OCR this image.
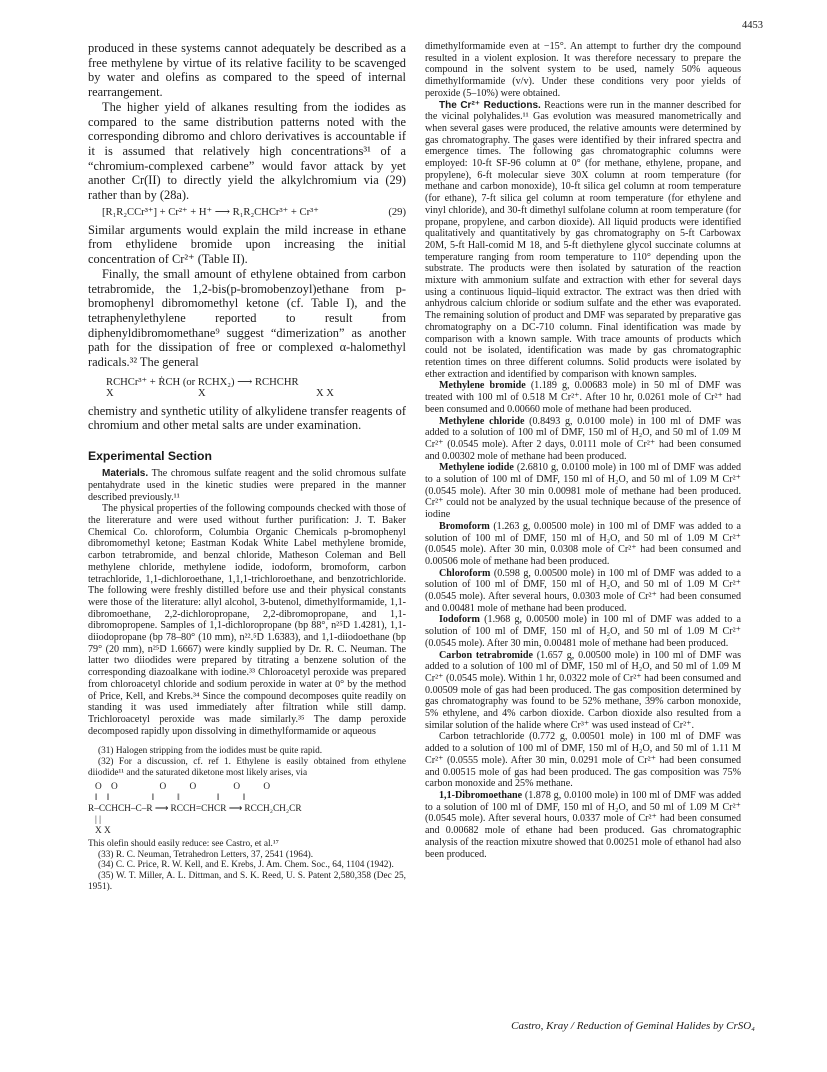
4453

produced in these systems cannot adequately be described as a free methylene by virtue of its relative facility to be scavenged by water and olefins as compared to the speed of internal rearrangement.

The higher yield of alkanes resulting from the iodides as compared to the same distribution patterns noted with the corresponding dibromo and chloro derivatives is accountable if it is assumed that relatively high concentrations³¹ of a “chromium-complexed carbene” would favor attack by yet another Cr(II) to directly yield the alkylchromium via (29) rather than by (28a).

[R₁R₂CCr³⁺] + Cr²⁺ + H⁺ ⟶ R₁R₂CHCr³⁺ + Cr³⁺	(29)

Similar arguments would explain the mild increase in ethane from ethylidene bromide upon increasing the initial concentration of Cr²⁺ (Table II).

Finally, the small amount of ethylene obtained from carbon tetrabromide, the 1,2-bis(p-bromobenzoyl)ethane from p-bromophenyl dibromomethyl ketone (cf. Table I), and the tetraphenylethylene reported to result from diphenyldibromomethane⁹ suggest “dimerization” as another path for the dissipation of free or complexed α-halomethyl radicals.³² The general

RCHCr³⁺ + ṘCH (or RCHX₂) ⟶ RCHCHR
X	X	X X

chemistry and synthetic utility of alkylidene transfer reagents of chromium and other metal salts are under examination.

Experimental Section

Materials. The chromous sulfate reagent and the solid chromous sulfate pentahydrate used in the kinetic studies were prepared in the manner described previously.¹¹

The physical properties of the following compounds checked with those of the litererature and were used without further purification: J. T. Baker Chemical Co. chloroform, Columbia Organic Chemicals p-bromophenyl dibromomethyl ketone; Eastman Kodak White Label methylene bromide, carbon tetrabromide, and benzal chloride, Matheson Coleman and Bell methylene chloride, methylene iodide, iodoform, bromoform, carbon tetrachloride, 1,1-dichloroethane, 1,1,1-trichloroethane, and benzotrichloride. The following were freshly distilled before use and their physical constants were those of the literature: allyl alcohol, 3-butenol, dimethylformamide, 1,1-dibromoethane, 2,2-dichloropropane, 2,2-dibromopropane, and 1,1-dibromopropene. Samples of 1,1-dichloropropane (bp 88°, n²⁵D 1.4281), 1,1-diiodopropane (bp 78–80° (10 mm), n²².⁵D 1.6383), and 1,1-diiodoethane (bp 79° (20 mm), n²⁵D 1.6667) were kindly supplied by Dr. R. C. Neuman. The latter two diiodides were prepared by titrating a benzene solution of the corresponding diazoalkane with iodine.³³ Chloroacetyl peroxide was prepared from chloroacetyl chloride and sodium peroxide in water at 0° by the method of Price, Kell, and Krebs.³⁴ Since the compound decomposes quite readily on standing it was used immediately after filtration while still damp. Trichloroacetyl peroxide was made similarly.³⁵ The damp peroxide decomposed rapidly upon dissolving in dimethylformamide or aqueous

(31) Halogen stripping from the iodides must be quite rapid.

(32) For a discussion, cf. ref 1. Ethylene is easily obtained from ethylene diiodide¹¹ and the saturated diketone most likely arises, via

O    O                  O          O                O          O
‖    ‖                  ‖          ‖                ‖          ‖
R–CCHCH–C–R ⟶ RCCH=CHCR ⟶ RCCH₂CH₂CR
| |
X X

This olefin should easily reduce: see Castro, et al.¹⁷

(33) R. C. Neuman, Tetrahedron Letters, 37, 2541 (1964).

(34) C. C. Price, R. W. Kell, and E. Krebs, J. Am. Chem. Soc., 64, 1104 (1942).

(35) W. T. Miller, A. L. Dittman, and S. K. Reed, U. S. Patent 2,580,358 (Dec 25, 1951).

dimethylformamide even at −15°. An attempt to further dry the compound resulted in a violent explosion. It was therefore necessary to prepare the compound in the solvent system to be used, namely 50% aqueous dimethylformamide (v/v). Under these conditions very poor yields of peroxide (5–10%) were obtained.

The Cr²⁺ Reductions. Reactions were run in the manner described for the vicinal polyhalides.¹¹ Gas evolution was measured manometrically and when several gases were produced, the relative amounts were determined by gas chromatography. The gases were identified by their infrared spectra and emergence times. The following gas chromatographic columns were employed: 10-ft SF-96 column at 0° (for methane, ethylene, propane, and propylene), 6-ft molecular sieve 30X column at room temperature (for methane and carbon monoxide), 10-ft silica gel column at room temperature (for ethane), 7-ft silica gel column at room temperature (for ethylene and vinyl chloride), and 30-ft dimethyl sulfolane column at room temperature (for propane, propylene, and carbon dioxide). All liquid products were identified qualitatively and quantitatively by gas chromatography on 5-ft Carbowax 20M, 5-ft Hall-comid M 18, and 5-ft diethylene glycol succinate columns at temperature ranging from room temperature to 110° depending upon the substrate. The products were then isolated by saturation of the reaction mixture with ammonium sulfate and extraction with ether for several days using a continuous liquid–liquid extractor. The extract was then dried with anhydrous calcium chloride or sodium sulfate and the ether was evaporated. The remaining solution of product and DMF was separated by preparative gas chromatography on a DC-710 column. Final identification was made by comparison with a known sample. With trace amounts of products which could not be isolated, identification was made by gas chromatographic retention times on three different columns. Solid products were isolated by ether extraction and identified by comparison with known samples.

Methylene bromide (1.189 g, 0.00683 mole) in 50 ml of DMF was treated with 100 ml of 0.518 M Cr²⁺. After 10 hr, 0.0261 mole of Cr²⁺ had been consumed and 0.00660 mole of methane had been produced.

Methylene chloride (0.8493 g, 0.0100 mole) in 100 ml of DMF was added to a solution of 100 ml of DMF, 150 ml of H₂O, and 50 ml of 1.09 M Cr²⁺ (0.0545 mole). After 2 days, 0.0111 mole of Cr²⁺ had been consumed and 0.00302 mole of methane had been produced.

Methylene iodide (2.6810 g, 0.0100 mole) in 100 ml of DMF was added to a solution of 100 ml of DMF, 150 ml of H₂O, and 50 ml of 1.09 M Cr²⁺ (0.0545 mole). After 30 min 0.00981 mole of methane had been produced. Cr²⁺ could not be analyzed by the usual technique because of the presence of iodine

Bromoform (1.263 g, 0.00500 mole) in 100 ml of DMF was added to a solution of 100 ml of DMF, 150 ml of H₂O, and 50 ml of 1.09 M Cr²⁺ (0.0545 mole). After 30 min, 0.0308 mole of Cr²⁺ had been consumed and 0.00506 mole of methane had been produced.

Chloroform (0.598 g, 0.00500 mole) in 100 ml of DMF was added to a solution of 100 ml of DMF, 150 ml of H₂O, and 50 ml of 1.09 M Cr²⁺ (0.0545 mole). After several hours, 0.0303 mole of Cr²⁺ had been consumed and 0.00481 mole of methane had been produced.

Iodoform (1.968 g, 0.00500 mole) in 100 ml of DMF was added to a solution of 100 ml of DMF, 150 ml of H₂O, and 50 ml of 1.09 M Cr²⁺ (0.0545 mole). After 30 min, 0.00481 mole of methane had been produced.

Carbon tetrabromide (1.657 g, 0.00500 mole) in 100 ml of DMF was added to a solution of 100 ml of DMF, 150 ml of H₂O, and 50 ml of 1.09 M Cr²⁺ (0.0545 mole). Within 1 hr, 0.0322 mole of Cr²⁺ had been consumed and 0.00509 mole of gas had been produced. The gas composition determined by gas chromatography was found to be 52% methane, 39% carbon monoxide, 5% ethylene, and 4% carbon dioxide. Carbon dioxide also resulted from a similar solution of the halide where Cr³⁺ was used instead of Cr²⁺.

Carbon tetrachloride (0.772 g, 0.00501 mole) in 100 ml of DMF was added to a solution of 100 ml of DMF, 150 ml of H₂O, and 50 ml of 1.11 M Cr²⁺ (0.0555 mole). After 30 min, 0.0291 mole of Cr²⁺ had been consumed and 0.00515 mole of gas had been produced. The gas composition was 75% carbon monoxide and 25% methane.

1,1-Dibromoethane (1.878 g, 0.0100 mole) in 100 ml of DMF was added to a solution of 100 ml of DMF, 150 ml of H₂O, and 50 ml of 1.09 M Cr²⁺ (0.0545 mole). After several hours, 0.0337 mole of Cr²⁺ had been consumed and 0.00682 mole of ethane had been produced. Gas chromatographic analysis of the reaction mixutre showed that 0.00251 mole of ethanol had also been produced.

Castro, Kray / Reduction of Geminal Halides by CrSO₄
